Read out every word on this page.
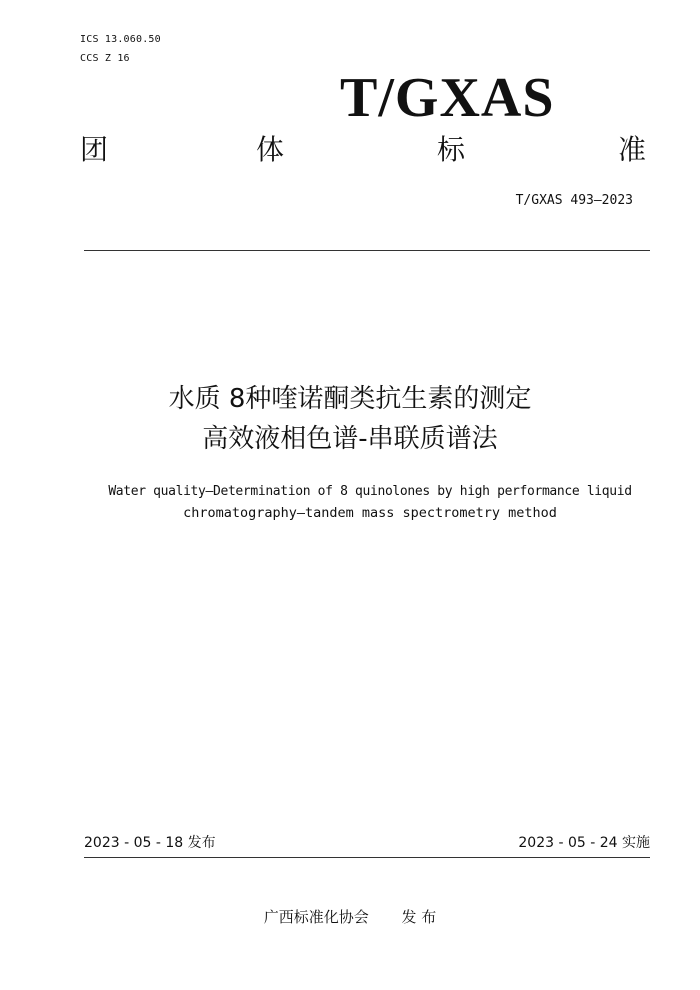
ICS 13.060.50
CCS Z 16
T/GXAS
团	体	标	准
T/GXAS 493—2023
水质 8种喹诺酮类抗生素的测定
高效液相色谱-串联质谱法
Water quality—Determination of 8 quinolones by high performance liquid
chromatography—tandem mass spectrometry method
2023 - 05 - 18 发布	2023 - 05 - 24 实施
广西标准化协会 发 布
